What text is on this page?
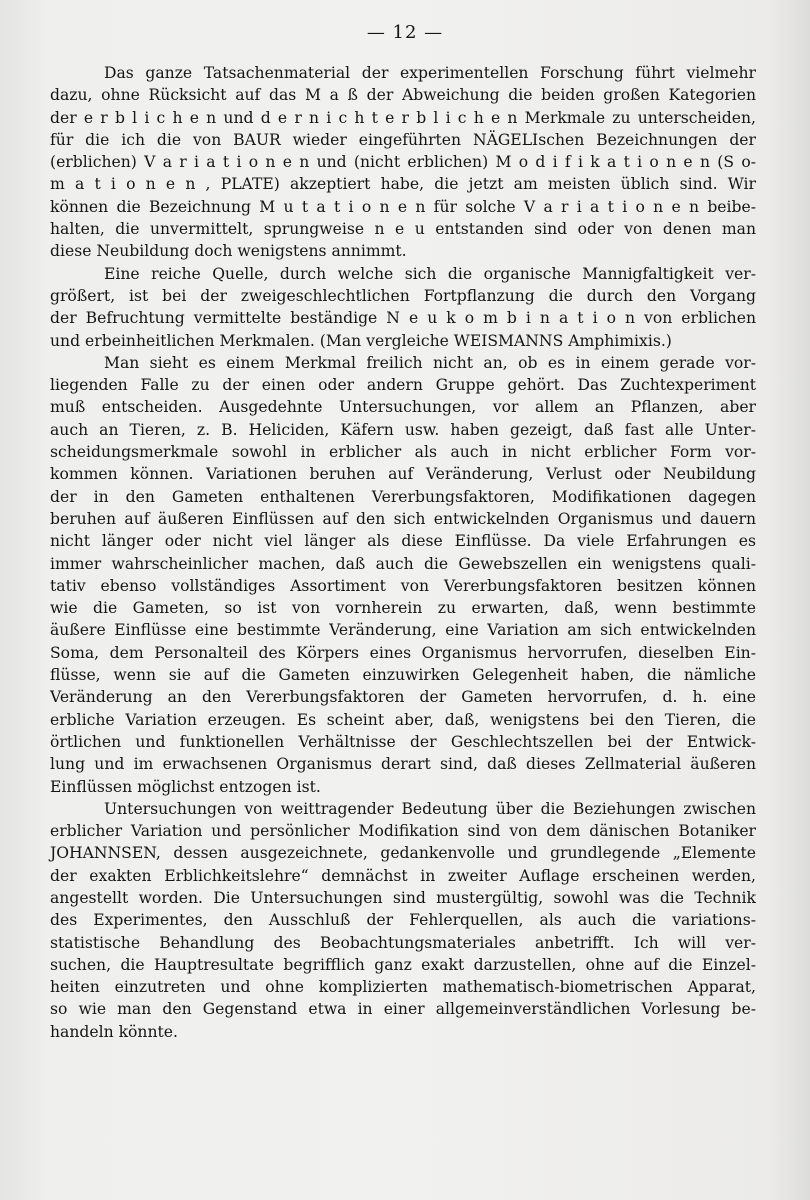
— 12 —
Das ganze Tatsachenmaterial der experimentellen Forschung führt vielmehr
dazu, ohne Rücksicht auf das M a ß der Abweichung die beiden großen Kategorien
der e r b l i c h e n und d e r n i c h t e r b l i c h e n Merkmale zu unterscheiden,
für die ich die von BAUR wieder eingeführten NÄGELIschen Bezeichnungen der
(erblichen) V a r i a t i o n e n und (nicht erblichen) M o d i f i k a t i o n e n (S o-
m a t i o n e n , PLATE) akzeptiert habe, die jetzt am meisten üblich sind. Wir
können die Bezeichnung M u t a t i o n e n für solche V a r i a t i o n e n beibe-
halten, die unvermittelt, sprungweise n e u entstanden sind oder von denen man
diese Neubildung doch wenigstens annimmt.
Eine reiche Quelle, durch welche sich die organische Mannigfaltigkeit ver-
größert, ist bei der zweigeschlechtlichen Fortpflanzung die durch den Vorgang
der Befruchtung vermittelte beständige N e u k o m b i n a t i o n von erblichen
und erbeinheitlichen Merkmalen. (Man vergleiche WEISMANNS Amphimixis.)
Man sieht es einem Merkmal freilich nicht an, ob es in einem gerade vor-
liegenden Falle zu der einen oder andern Gruppe gehört. Das Zuchtexperiment
muß entscheiden. Ausgedehnte Untersuchungen, vor allem an Pflanzen, aber
auch an Tieren, z. B. Heliciden, Käfern usw. haben gezeigt, daß fast alle Unter-
scheidungsmerkmale sowohl in erblicher als auch in nicht erblicher Form vor-
kommen können. Variationen beruhen auf Veränderung, Verlust oder Neubildung
der in den Gameten enthaltenen Vererbungsfaktoren, Modifikationen dagegen
beruhen auf äußeren Einflüssen auf den sich entwickelnden Organismus und dauern
nicht länger oder nicht viel länger als diese Einflüsse. Da viele Erfahrungen es
immer wahrscheinlicher machen, daß auch die Gewebszellen ein wenigstens quali-
tativ ebenso vollständiges Assortiment von Vererbungsfaktoren besitzen können
wie die Gameten, so ist von vornherein zu erwarten, daß, wenn bestimmte
äußere Einflüsse eine bestimmte Veränderung, eine Variation am sich entwickelnden
Soma, dem Personalteil des Körpers eines Organismus hervorrufen, dieselben Ein-
flüsse, wenn sie auf die Gameten einzuwirken Gelegenheit haben, die nämliche
Veränderung an den Vererbungsfaktoren der Gameten hervorrufen, d. h. eine
erbliche Variation erzeugen. Es scheint aber, daß, wenigstens bei den Tieren, die
örtlichen und funktionellen Verhältnisse der Geschlechtszellen bei der Entwick-
lung und im erwachsenen Organismus derart sind, daß dieses Zellmaterial äußeren
Einflüssen möglichst entzogen ist.
Untersuchungen von weittragender Bedeutung über die Beziehungen zwischen
erblicher Variation und persönlicher Modifikation sind von dem dänischen Botaniker
JOHANNSEN, dessen ausgezeichnete, gedankenvolle und grundlegende „Elemente
der exakten Erblichkeitslehre“ demnächst in zweiter Auflage erscheinen werden,
angestellt worden. Die Untersuchungen sind mustergültig, sowohl was die Technik
des Experimentes, den Ausschluß der Fehlerquellen, als auch die variations-
statistische Behandlung des Beobachtungsmateriales anbetrifft. Ich will ver-
suchen, die Hauptresultate begrifflich ganz exakt darzustellen, ohne auf die Einzel-
heiten einzutreten und ohne komplizierten mathematisch-biometrischen Apparat,
so wie man den Gegenstand etwa in einer allgemeinverständlichen Vorlesung be-
handeln könnte.
